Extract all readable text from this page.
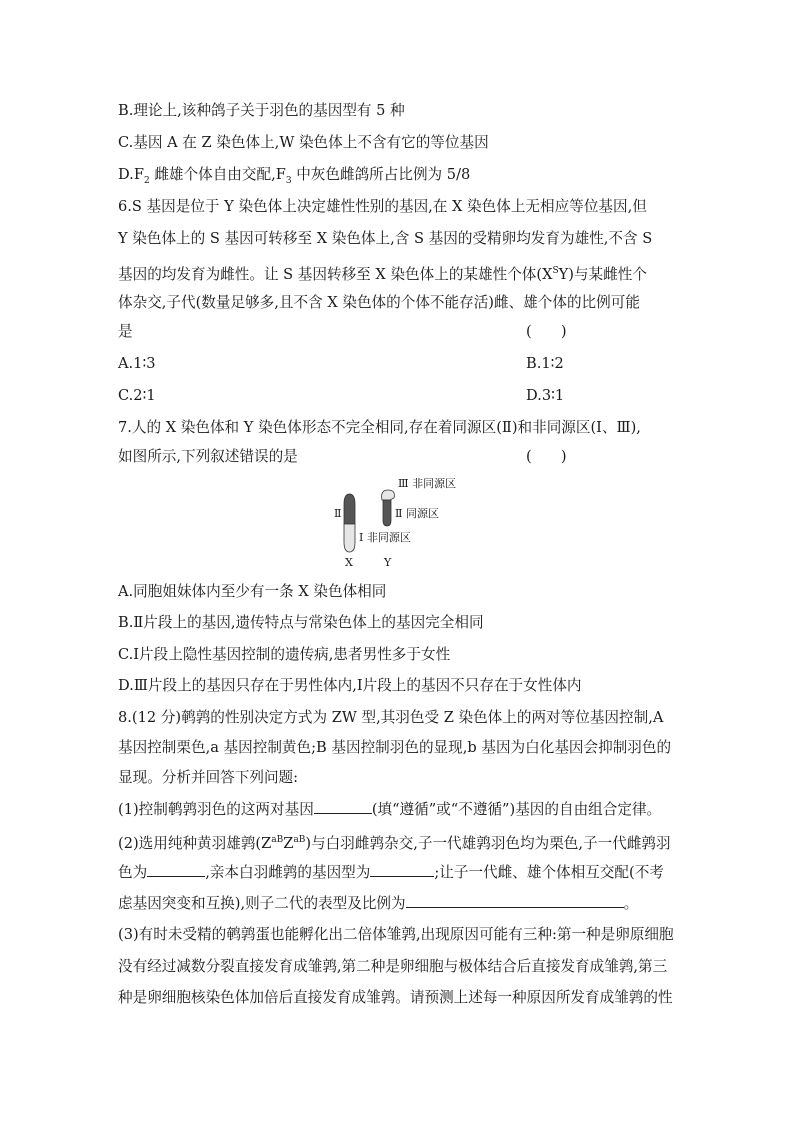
B.理论上,该种鸽子关于羽色的基因型有 5 种
C.基因 A 在 Z 染色体上,W 染色体上不含有它的等位基因
$D.F_2$ 雌雄个体自由交配$,F_3$ 中灰色雌鸽所占比例为 5/8
6.S 基因是位于 Y 染色体上决定雄性性别的基因,在 X 染色体上无相应等位基因,但
Y 染色体上的 S 基因可转移至 X 染色体上,含 S 基因的受精卵均发育为雄性,不含 S
基因的均发育为雌性。让 S 基因转移至 X 染色体上的某雄性个体$(X^SY)$与某雌性个
体杂交,子代(数量足够多,且不含 X 染色体的个体不能存活)雌、雄个体的比例可能
是	(　　)
A.1∶3	B.1∶2
C.2∶1	D.3∶1
7.人的 X 染色体和 Y 染色体形态不完全相同,存在着同源区(Ⅱ)和非同源区(Ⅰ、Ⅲ),
如图所示,下列叙述错误的是	(　　)
Ⅲ 非同源区
Ⅱ	Ⅱ 同源区
Ⅰ 非同源区
X	Y
A.同胞姐妹体内至少有一条 X 染色体相同
B.Ⅱ片段上的基因,遗传特点与常染色体上的基因完全相同
C.Ⅰ片段上隐性基因控制的遗传病,患者男性多于女性
D.Ⅲ片段上的基因只存在于男性体内,Ⅰ片段上的基因不只存在于女性体内
8.(12 分)鹌鹑的性别决定方式为 ZW 型,其羽色受 Z 染色体上的两对等位基因控制,A
基因控制栗色,a 基因控制黄色;B 基因控制羽色的显现,b 基因为白化基因会抑制羽色的
显现。分析并回答下列问题:
(1)控制鹌鹑羽色的这两对基因	(填“遵循”或“不遵循”)基因的自由组合定律。
(2)选用纯种黄羽雄鹑$(Z^{aB}Z^{aB})$与白羽雌鹑杂交,子一代雄鹑羽色均为栗色,子一代雌鹑羽
色为	,亲本白羽雌鹑的基因型为	;让子一代雌、雄个体相互交配(不考
虑基因突变和互换),则子二代的表型及比例为	。
(3)有时未受精的鹌鹑蛋也能孵化出二倍体雏鹑,出现原因可能有三种:第一种是卵原细胞
没有经过减数分裂直接发育成雏鹑,第二种是卵细胞与极体结合后直接发育成雏鹑,第三
种是卵细胞核染色体加倍后直接发育成雏鹑。请预测上述每一种原因所发育成雏鹑的性
